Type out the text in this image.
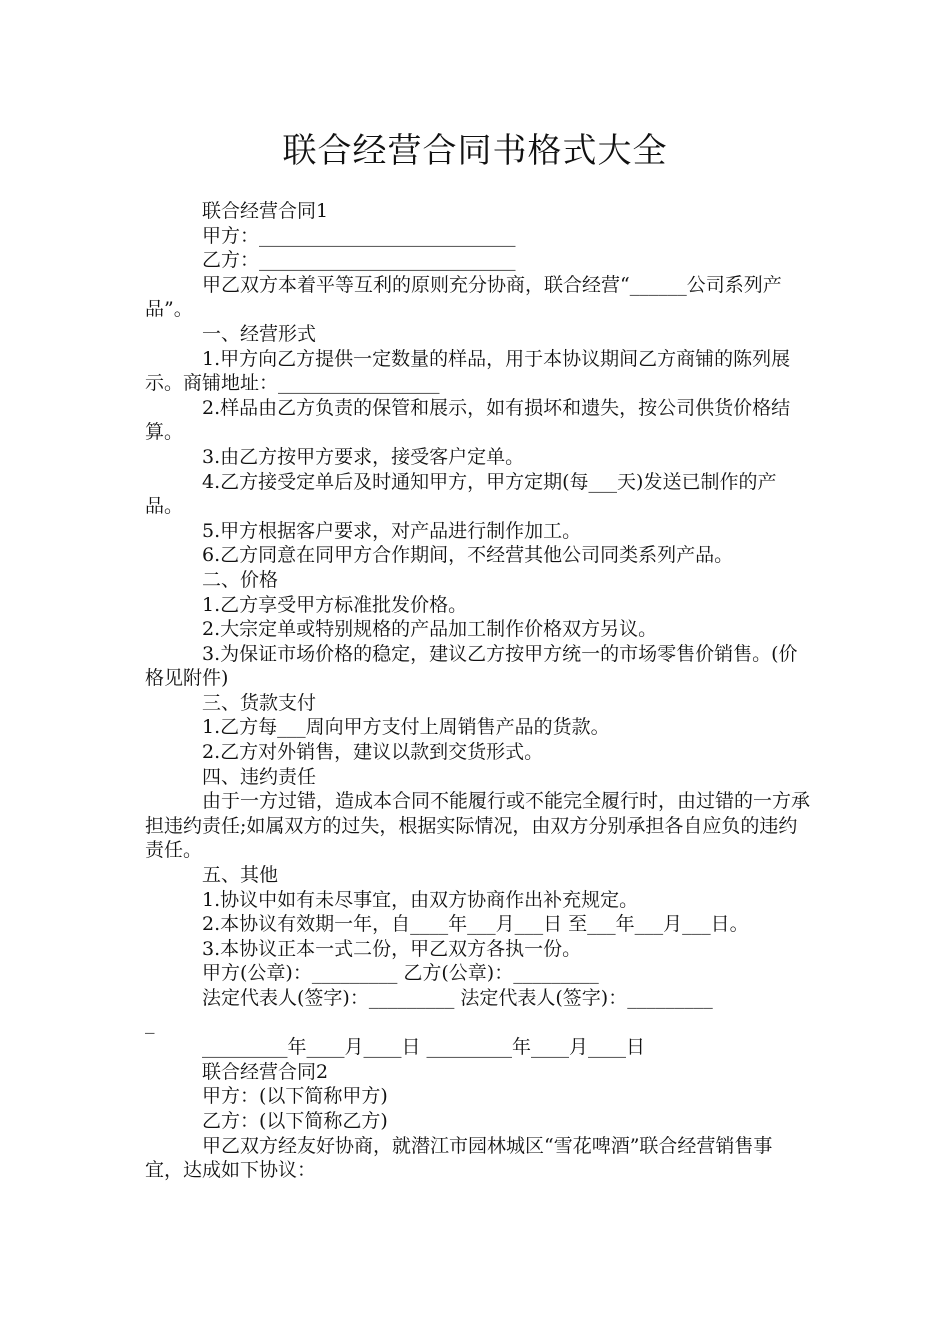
联合经营合同书格式大全

联合经营合同1

甲方：___________________________

乙方：___________________________

甲乙双方本着平等互利的原则充分协商，联合经营“______公司系列产品”。

一、经营形式

1.甲方向乙方提供一定数量的样品，用于本协议期间乙方商铺的陈列展示。商铺地址：_________________

2.样品由乙方负责的保管和展示，如有损坏和遗失，按公司供货价格结算。

3.由乙方按甲方要求，接受客户定单。

4.乙方接受定单后及时通知甲方，甲方定期(每___天)发送已制作的产品。

5.甲方根据客户要求，对产品进行制作加工。

6.乙方同意在同甲方合作期间，不经营其他公司同类系列产品。

二、价格

1.乙方享受甲方标准批发价格。

2.大宗定单或特别规格的产品加工制作价格双方另议。

3.为保证市场价格的稳定，建议乙方按甲方统一的市场零售价销售。(价格见附件)

三、货款支付

1.乙方每___周向甲方支付上周销售产品的货款。

2.乙方对外销售，建议以款到交货形式。

四、违约责任

由于一方过错，造成本合同不能履行或不能完全履行时，由过错的一方承担违约责任;如属双方的过失，根据实际情况，由双方分别承担各自应负的违约责任。

五、其他

1.协议中如有未尽事宜，由双方协商作出补充规定。

2.本协议有效期一年，自____年___月___日 至___年___月___日。

3.本协议正本一式二份，甲乙双方各执一份。

甲方(公章)：_________ 乙方(公章)：_________

法定代表人(签字)：_________ 法定代表人(签字)：_________

_

_________年____月____日 _________年____月____日

联合经营合同2

甲方：(以下简称甲方)

乙方：(以下简称乙方)

甲乙双方经友好协商，就潜江市园林城区“雪花啤酒”联合经营销售事宜，达成如下协议：
